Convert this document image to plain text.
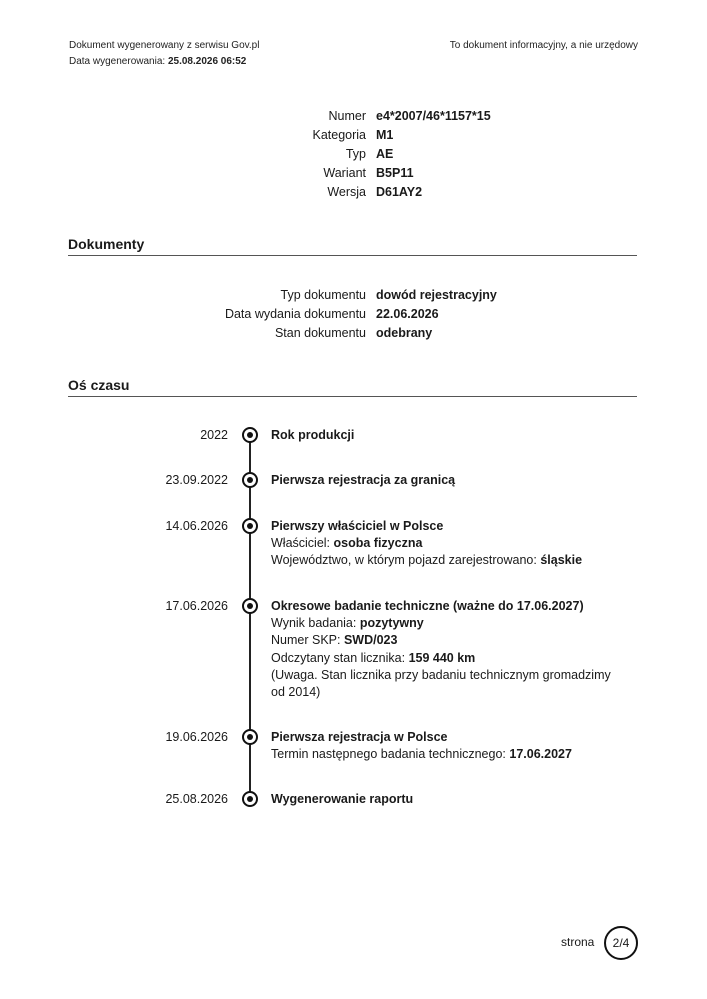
Dokument wygenerowany z serwisu Gov.pl
Data wygenerowania: 25.08.2026 06:52
To dokument informacyjny, a nie urzędowy
Numer e4*2007/46*1157*15
Kategoria M1
Typ AE
Wariant B5P11
Wersja D61AY2
Dokumenty
Typ dokumentu dowód rejestracyjny
Data wydania dokumentu 22.06.2026
Stan dokumentu odebrany
Oś czasu
2022	Rok produkcji
23.09.2022	Pierwsza rejestracja za granicą
14.06.2026	Pierwszy właściciel w Polsce
Właściciel: osoba fizyczna
Województwo, w którym pojazd zarejestrowano: śląskie
17.06.2026	Okresowe badanie techniczne (ważne do 17.06.2027)
Wynik badania: pozytywny
Numer SKP: SWD/023
Odczytany stan licznika: 159 440 km
(Uwaga. Stan licznika przy badaniu technicznym gromadzimy od 2014)
19.06.2026	Pierwsza rejestracja w Polsce
Termin następnego badania technicznego: 17.06.2027
25.08.2026	Wygenerowanie raportu
strona 2/4
